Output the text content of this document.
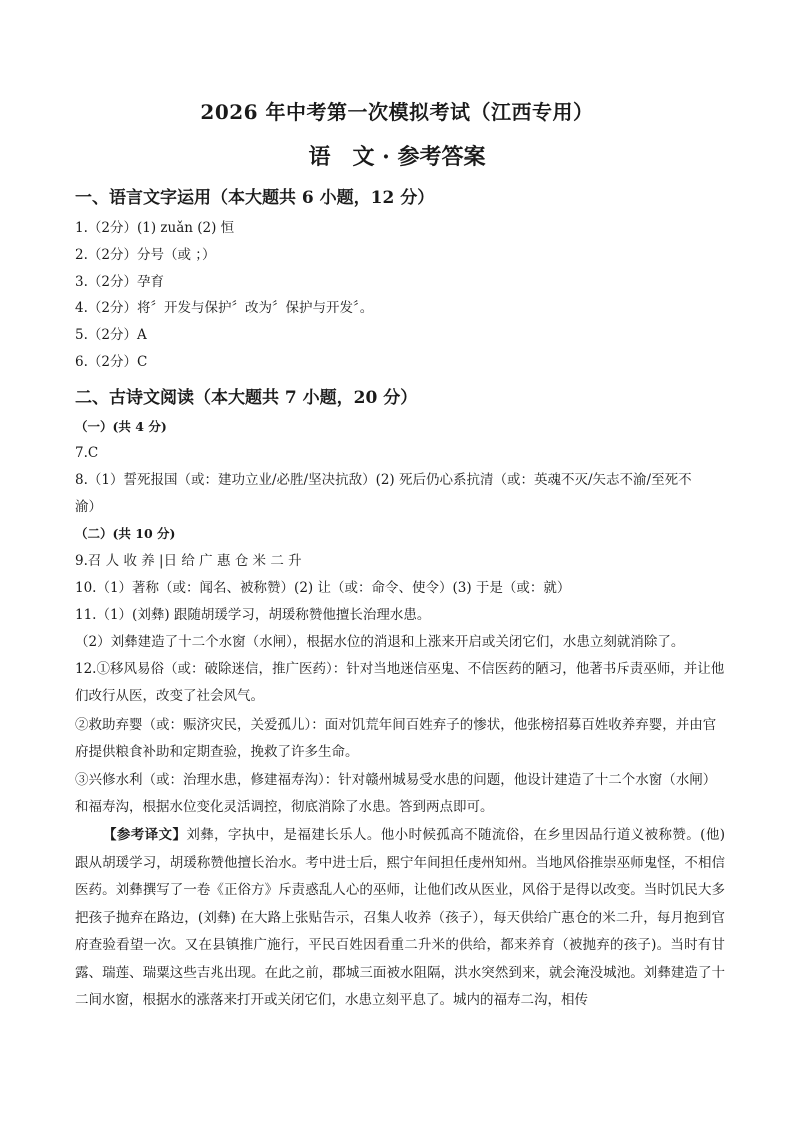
2026 年中考第一次模拟考试（江西专用）
语　文 · 参考答案
一、语言文字运用（本大题共 6 小题，12 分）
1.（2分）(1) zuǎn (2) 恒
2.（2分）分号（或 ；）
3.（2分）孕育
4.（2分）将〞开发与保护〞改为〞保护与开发〞。
5.（2分）A
6.（2分）C
二、古诗文阅读（本大题共 7 小题，20 分）
（一）(共 4 分)
7.C
8.（1）誓死报国（或：建功立业/必胜/坚决抗敌）(2) 死后仍心系抗清（或：英魂不灭/矢志不渝/至死不
渝）
（二）(共 10 分)
9.召 人 收 养 |日 给 广 惠 仓 米 二 升
10.（1）著称（或：闻名、被称赞）(2) 让（或：命令、使令）(3) 于是（或：就）
11.（1）(刘彝) 跟随胡瑗学习，胡瑗称赞他擅长治理水患。
（2）刘彝建造了十二个水窗（水闸），根据水位的消退和上涨来开启或关闭它们，水患立刻就消除了。
12.①移风易俗（或：破除迷信，推广医药）：针对当地迷信巫鬼、不信医药的陋习，他著书斥责巫师，并让他们改行从医，改变了社会风气。
②救助弃婴（或：赈济灾民，关爱孤儿）：面对饥荒年间百姓弃子的惨状，他张榜招募百姓收养弃婴，并由官府提供粮食补助和定期查验，挽救了许多生命。
③兴修水利（或：治理水患，修建福寿沟）：针对赣州城易受水患的问题，他设计建造了十二个水窗（水闸）和福寿沟，根据水位变化灵活调控，彻底消除了水患。答到两点即可。
【参考译文】刘彝，字执中，是福建长乐人。他小时候孤高不随流俗，在乡里因品行道义被称赞。(他) 跟从胡瑗学习，胡瑗称赞他擅长治水。考中进士后，熙宁年间担任虔州知州。当地风俗推崇巫师鬼怪，不相信医药。刘彝撰写了一卷《正俗方》斥责惑乱人心的巫师，让他们改从医业，风俗于是得以改变。当时饥民大多把孩子抛弃在路边，(刘彝) 在大路上张贴告示，召集人收养（孩子），每天供给广惠仓的米二升，每月抱到官府查验看望一次。又在县镇推广施行，平民百姓因看重二升米的供给，都来养育（被抛弃的孩子)。当时有甘露、瑞莲、瑞粟这些吉兆出现。在此之前，郡城三面被水阻隔，洪水突然到来，就会淹没城池。刘彝建造了十二间水窗，根据水的涨落来打开或关闭它们，水患立刻平息了。城内的福寿二沟，相传
